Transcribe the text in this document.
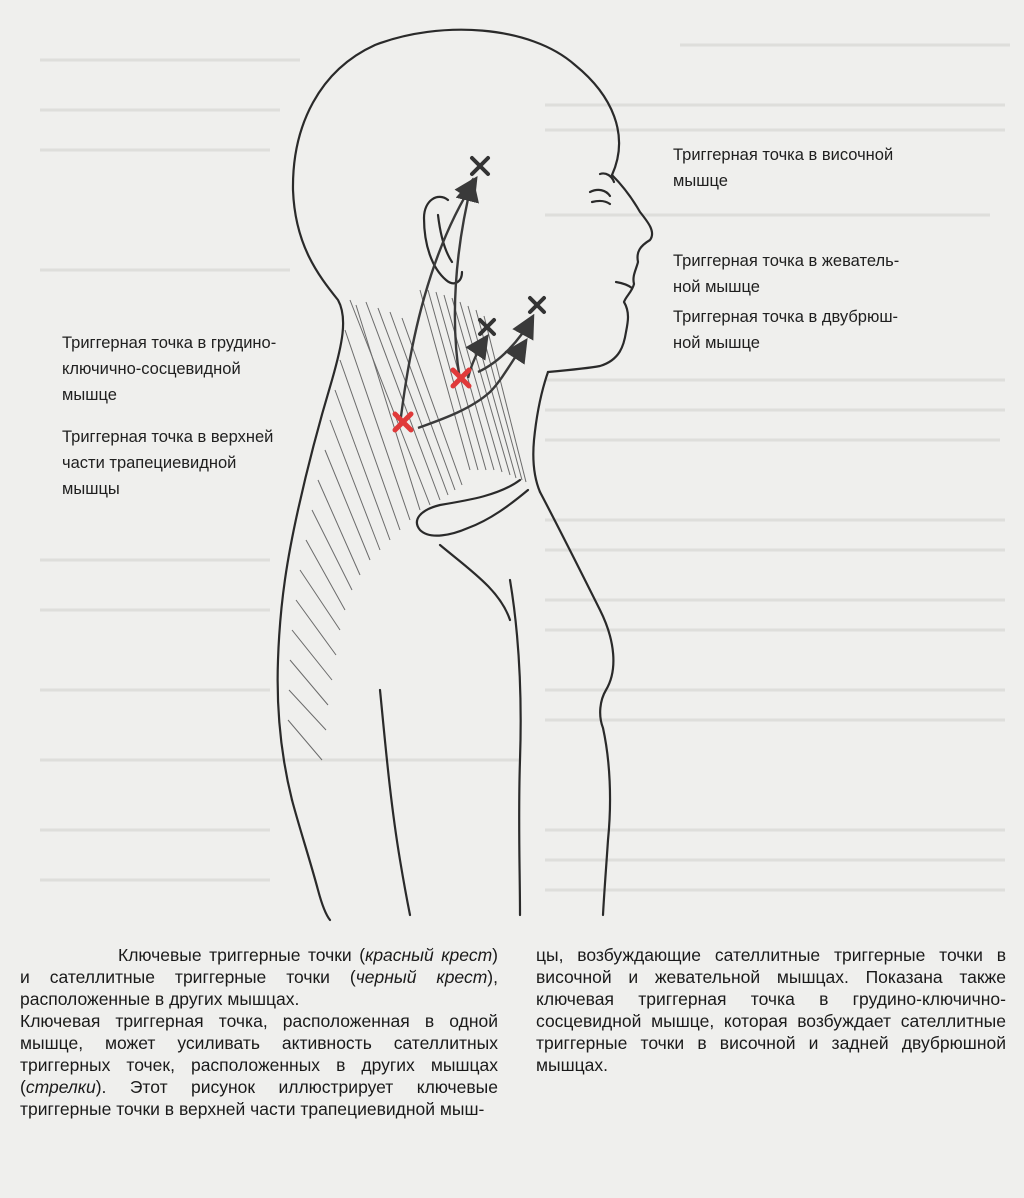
Триггерная точка в височной
мышце
Триггерная точка в жеватель-
ной мышце
Триггерная точка в двубрюш-
ной мышце
Триггерная точка в грудино-
ключично-сосцевидной
мышце
Триггерная точка в верхней
части трапециевидной
мышцы

Ключевые триггерные точки (красный крест) и сателлитные триггерные точки (черный крест), расположенные в других мышцах.

Ключевая триггерная точка, расположенная в одной мышце, может усиливать активность сателлитных триггерных точек, расположенных в других мышцах (стрелки). Этот рисунок иллюстрирует ключевые триггерные точки в верхней части трапециевидной мыш-

цы, возбуждающие сателлитные триггерные точки в височной и жевательной мышцах. Показана также ключевая триггерная точка в грудино-ключично-сосцевидной мышце, которая возбуждает сателлитные триггерные точки в височной и задней двубрюшной мышцах.
